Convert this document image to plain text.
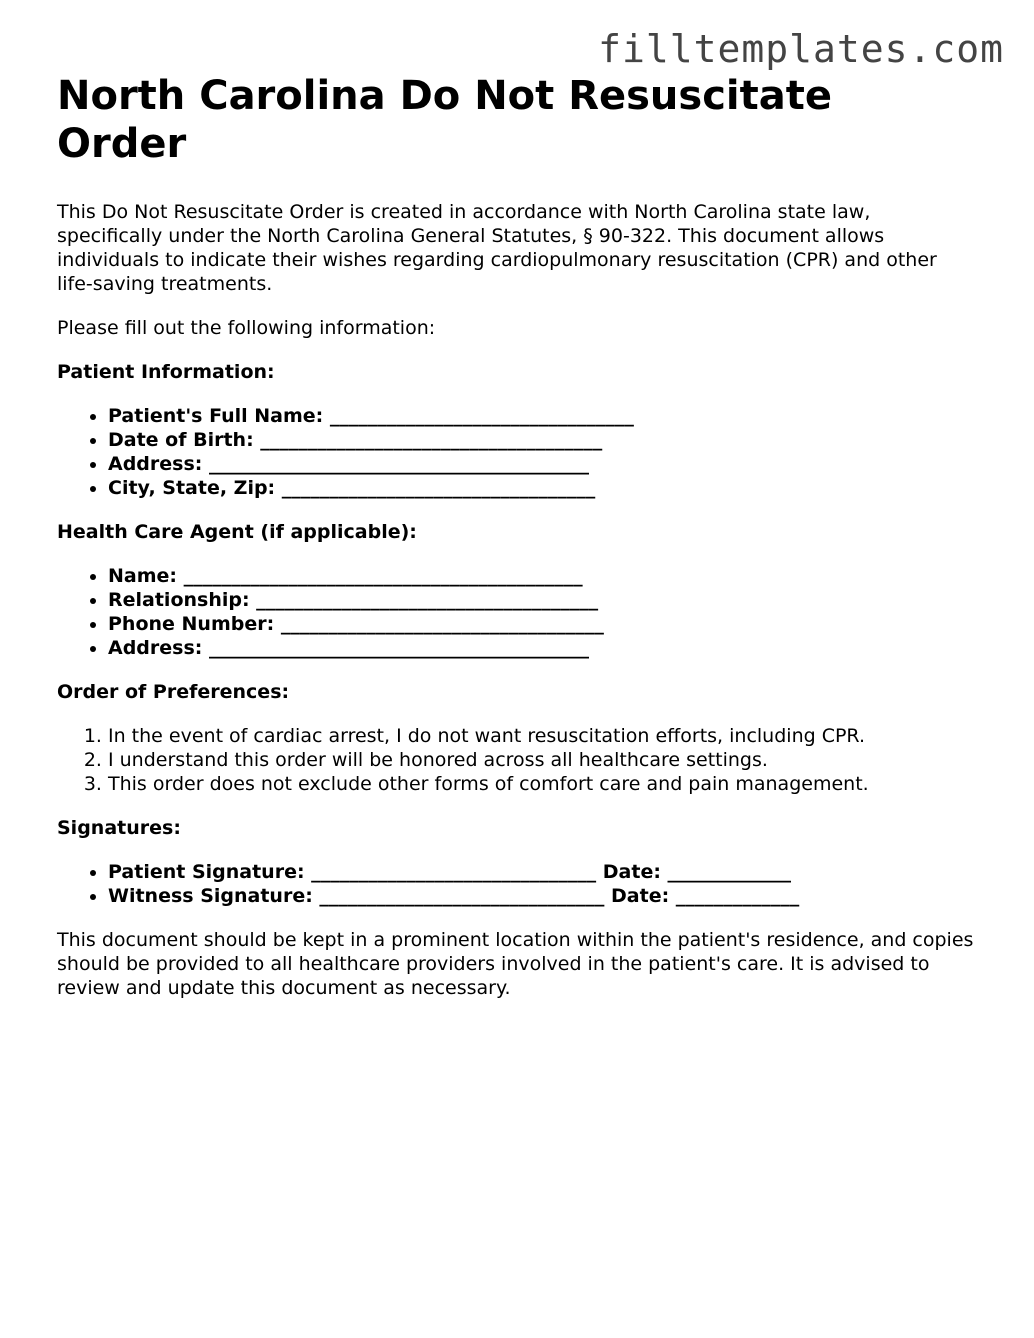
filltemplates.com
North Carolina Do Not Resuscitate Order

This Do Not Resuscitate Order is created in accordance with North Carolina state law, specifically under the North Carolina General Statutes, § 90-322. This document allows individuals to indicate their wishes regarding cardiopulmonary resuscitation (CPR) and other life-saving treatments.

Please fill out the following information:

Patient Information:
• Patient's Full Name: ________________________________
• Date of Birth: ____________________________________
• Address: ________________________________________
• City, State, Zip: _________________________________
Health Care Agent (if applicable):
• Name: __________________________________________
• Relationship: ____________________________________
• Phone Number: __________________________________
• Address: ________________________________________
Order of Preferences:
1. In the event of cardiac arrest, I do not want resuscitation efforts, including CPR.
2. I understand this order will be honored across all healthcare settings.
3. This order does not exclude other forms of comfort care and pain management.
Signatures:
• Patient Signature: ______________________________ Date: _____________
• Witness Signature: ______________________________ Date: _____________

This document should be kept in a prominent location within the patient's residence, and copies should be provided to all healthcare providers involved in the patient's care. It is advised to review and update this document as necessary.
